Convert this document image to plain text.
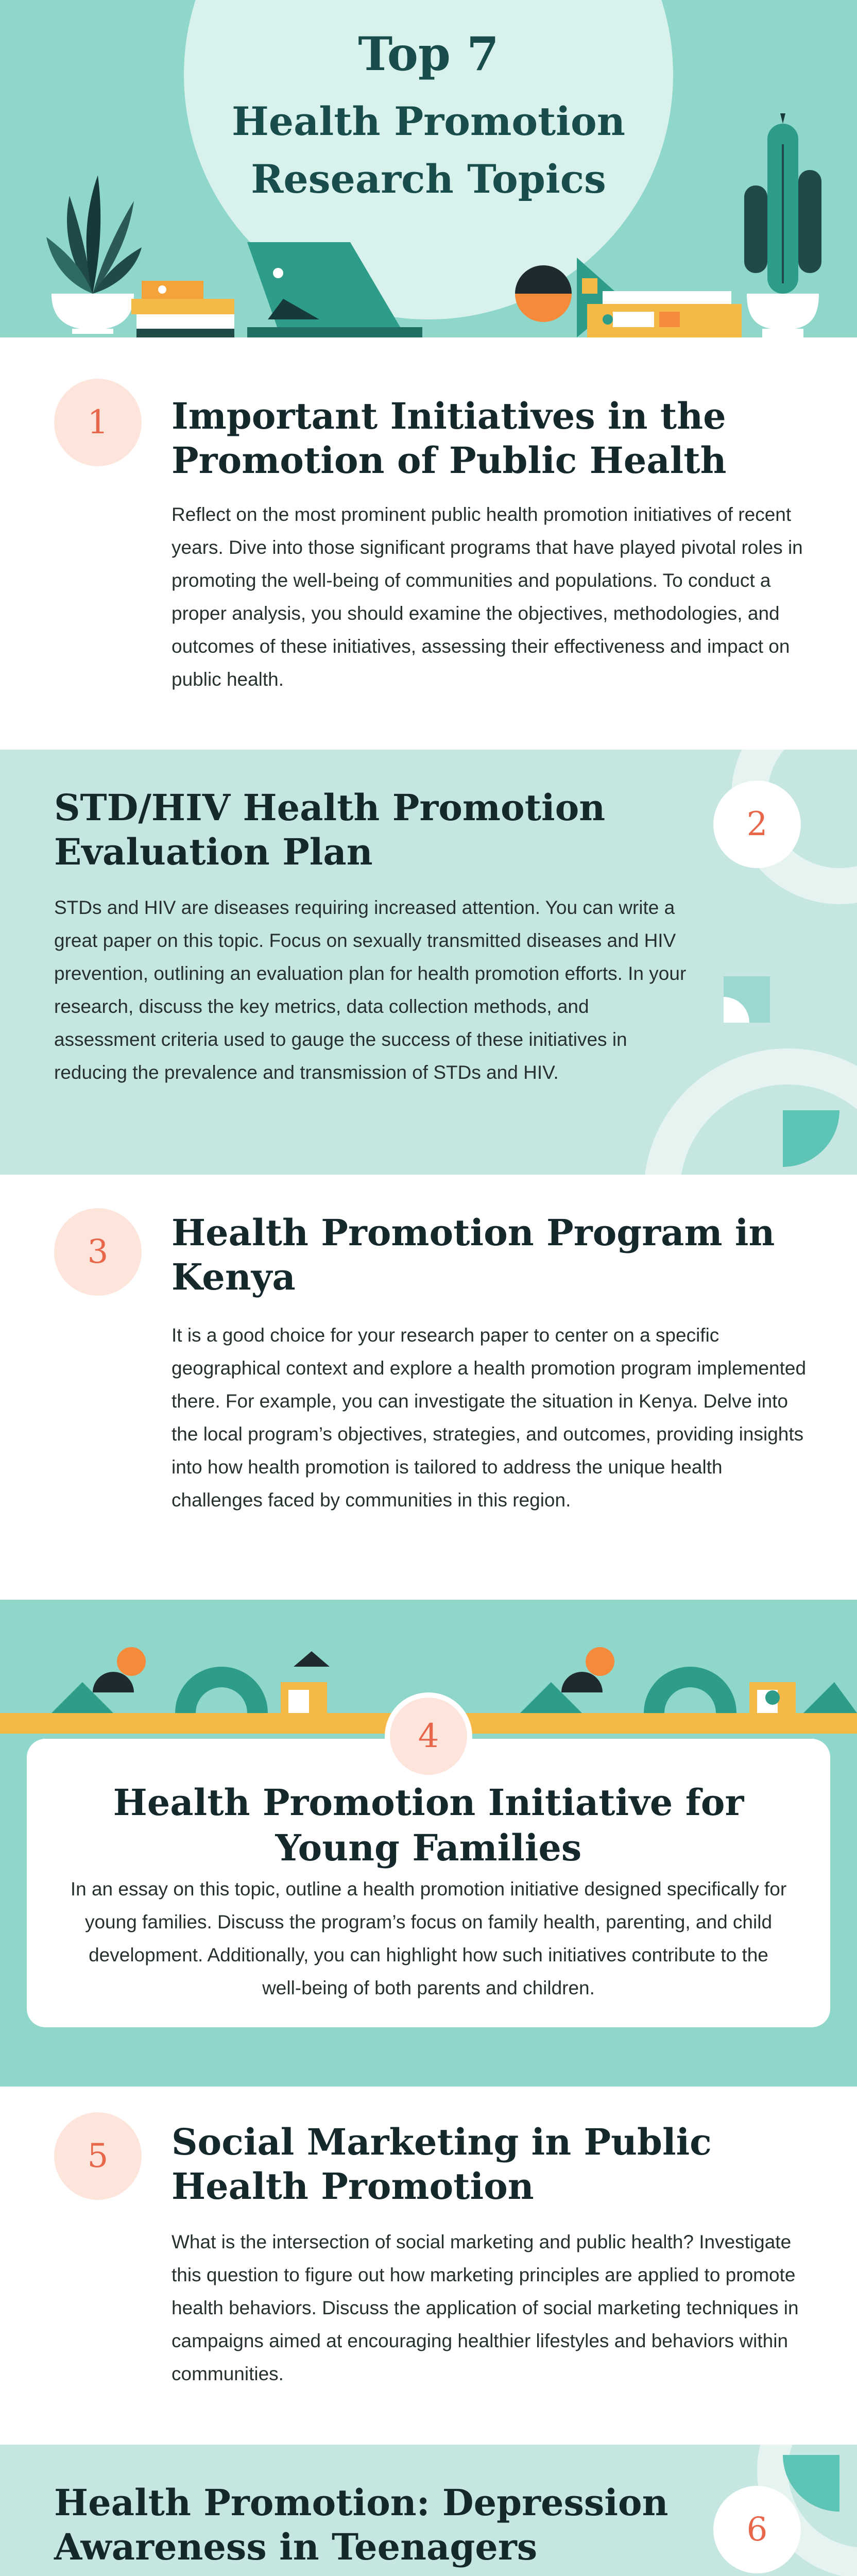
Top 7
Health Promotion Research Topics
1	Important Initiatives in the Promotion of Public Health
Reflect on the most prominent public health promotion initiatives of recent years. Dive into those significant programs that have played pivotal roles in promoting the well-being of communities and populations. To conduct a proper analysis, you should examine the objectives, methodologies, and outcomes of these initiatives, assessing their effectiveness and impact on public health.
2
STD/HIV Health Promotion Evaluation Plan
STDs and HIV are diseases requiring increased attention. You can write a great paper on this topic. Focus on sexually transmitted diseases and HIV prevention, outlining an evaluation plan for health promotion efforts. In your research, discuss the key metrics, data collection methods, and assessment criteria used to gauge the success of these initiatives in reducing the prevalence and transmission of STDs and HIV.
3	Health Promotion Program in Kenya
It is a good choice for your research paper to center on a specific geographical context and explore a health promotion program implemented there. For example, you can investigate the situation in Kenya. Delve into the local program’s objectives, strategies, and outcomes, providing insights into how health promotion is tailored to address the unique health challenges faced by communities in this region.
Health Promotion Initiative for Young Families
In an essay on this topic, outline a health promotion initiative designed specifically for young families. Discuss the program’s focus on family health, parenting, and child development. Additionally, you can highlight how such initiatives contribute to the well-being of both parents and children.
4
5	Social Marketing in Public Health Promotion
What is the intersection of social marketing and public health? Investigate this question to figure out how marketing principles are applied to promote health behaviors. Discuss the application of social marketing techniques in campaigns aimed at encouraging healthier lifestyles and behaviors within communities.
6
Health Promotion: Depression Awareness in Teenagers
